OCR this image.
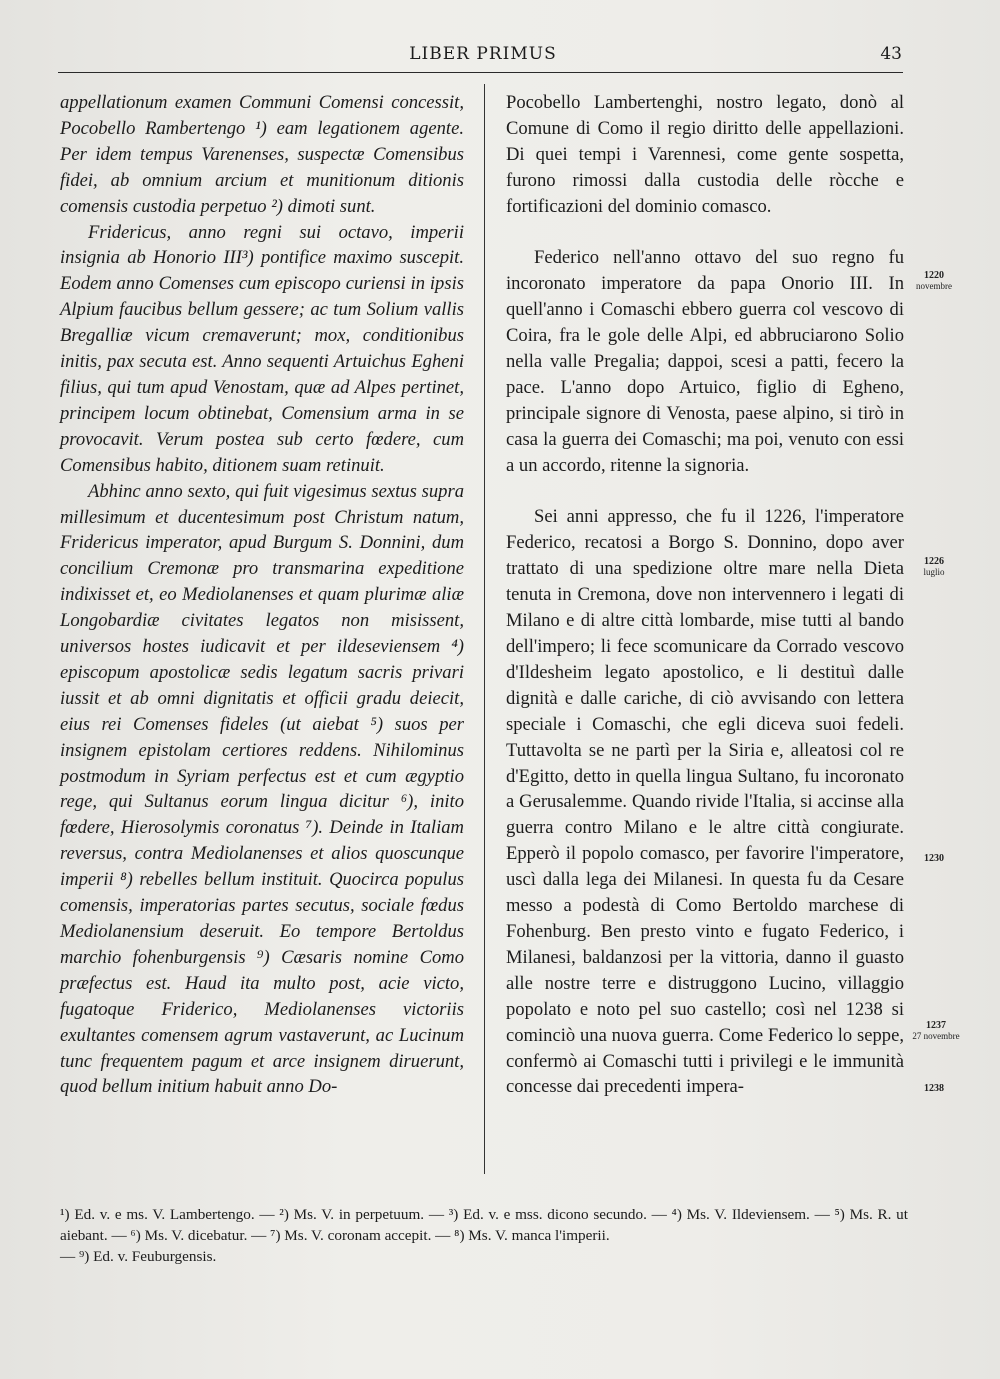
LIBER PRIMUS	43

appellationum examen Communi Comensi concessit, Pocobello Rambertengo ¹) eam legationem agente. Per idem tempus Varenenses, suspectæ Comensibus fidei, ab omnium arcium et munitionum ditionis comensis custodia perpetuo ²) dimoti sunt.

Fridericus, anno regni sui octavo, imperii insignia ab Honorio III³) pontifice maximo suscepit. Eodem anno Comenses cum episcopo curiensi in ipsis Alpium faucibus bellum gessere; ac tum Solium vallis Bregalliæ vicum cremaverunt; mox, conditionibus initis, pax secuta est. Anno sequenti Artuichus Egheni filius, qui tum apud Venostam, quæ ad Alpes pertinet, principem locum obtinebat, Comensium arma in se provocavit. Verum postea sub certo fœdere, cum Comensibus habito, ditionem suam retinuit.

Abhinc anno sexto, qui fuit vigesimus sextus supra millesimum et ducentesimum post Christum natum, Fridericus imperator, apud Burgum S. Donnini, dum concilium Cremonæ pro transmarina expeditione indixisset et, eo Mediolanenses et quam plurimæ aliæ Longobardiæ civitates legatos non misissent, universos hostes iudicavit et per ildeseviensem ⁴) episcopum apostolicæ sedis legatum sacris privari iussit et ab omni dignitatis et officii gradu deiecit, eius rei Comenses fideles (ut aiebat ⁵) suos per insignem epistolam certiores reddens. Nihilominus postmodum in Syriam perfectus est et cum ægyptio rege, qui Sultanus eorum lingua dicitur ⁶), inito fœdere, Hierosolymis coronatus ⁷). Deinde in Italiam reversus, contra Mediolanenses et alios quoscunque imperii ⁸) rebelles bellum instituit. Quocirca populus comensis, imperatorias partes secutus, sociale fœdus Mediolanensium deseruit. Eo tempore Bertoldus marchio fohenburgensis ⁹) Cæsaris nomine Como præfectus est. Haud ita multo post, acie victo, fugatoque Friderico, Mediolanenses victoriis exultantes comensem agrum vastaverunt, ac Lucinum tunc frequentem pagum et arce insignem diruerunt, quod bellum initium habuit anno Do-

Pocobello Lambertenghi, nostro legato, donò al Comune di Como il regio diritto delle appellazioni. Di quei tempi i Varennesi, come gente sospetta, furono rimossi dalla custodia delle ròcche e fortificazioni del dominio comasco.

Federico nell'anno ottavo del suo regno fu incoronato imperatore da papa Onorio III. In quell'anno i Comaschi ebbero guerra col vescovo di Coira, fra le gole delle Alpi, ed abbruciarono Solio nella valle Pregalia; dappoi, scesi a patti, fecero la pace. L'anno dopo Artuico, figlio di Egheno, principale signore di Venosta, paese alpino, si tirò in casa la guerra dei Comaschi; ma poi, venuto con essi a un accordo, ritenne la signoria.

Sei anni appresso, che fu il 1226, l'imperatore Federico, recatosi a Borgo S. Donnino, dopo aver trattato di una spedizione oltre mare nella Dieta tenuta in Cremona, dove non intervennero i legati di Milano e di altre città lombarde, mise tutti al bando dell'impero; li fece scomunicare da Corrado vescovo d'Ildesheim legato apostolico, e li destituì dalle dignità e dalle cariche, di ciò avvisando con lettera speciale i Comaschi, che egli diceva suoi fedeli. Tuttavolta se ne partì per la Siria e, alleatosi col re d'Egitto, detto in quella lingua Sultano, fu incoronato a Gerusalemme. Quando rivide l'Italia, si accinse alla guerra contro Milano e le altre città congiurate. Epperò il popolo comasco, per favorire l'imperatore, uscì dalla lega dei Milanesi. In questa fu da Cesare messo a podestà di Como Bertoldo marchese di Fohenburg. Ben presto vinto e fugato Federico, i Milanesi, baldanzosi per la vittoria, danno il guasto alle nostre terre e distruggono Lucino, villaggio popolato e noto pel suo castello; così nel 1238 si cominciò una nuova guerra. Come Federico lo seppe, confermò ai Comaschi tutti i privilegi e le immunità concesse dai precedenti impera-

1220
novembre
1226
luglio
1230
1237
27 novembre
1238

¹) Ed. v. e ms. V. Lambertengo. — ²) Ms. V. in perpetuum. — ³) Ed. v. e mss. dicono secundo. — ⁴) Ms. V. Ildeviensem. — ⁵) Ms. R. ut aiebant. — ⁶) Ms. V. dicebatur. — ⁷) Ms. V. coronam accepit. — ⁸) Ms. V. manca l'imperii.

— ⁹) Ed. v. Feuburgensis.
